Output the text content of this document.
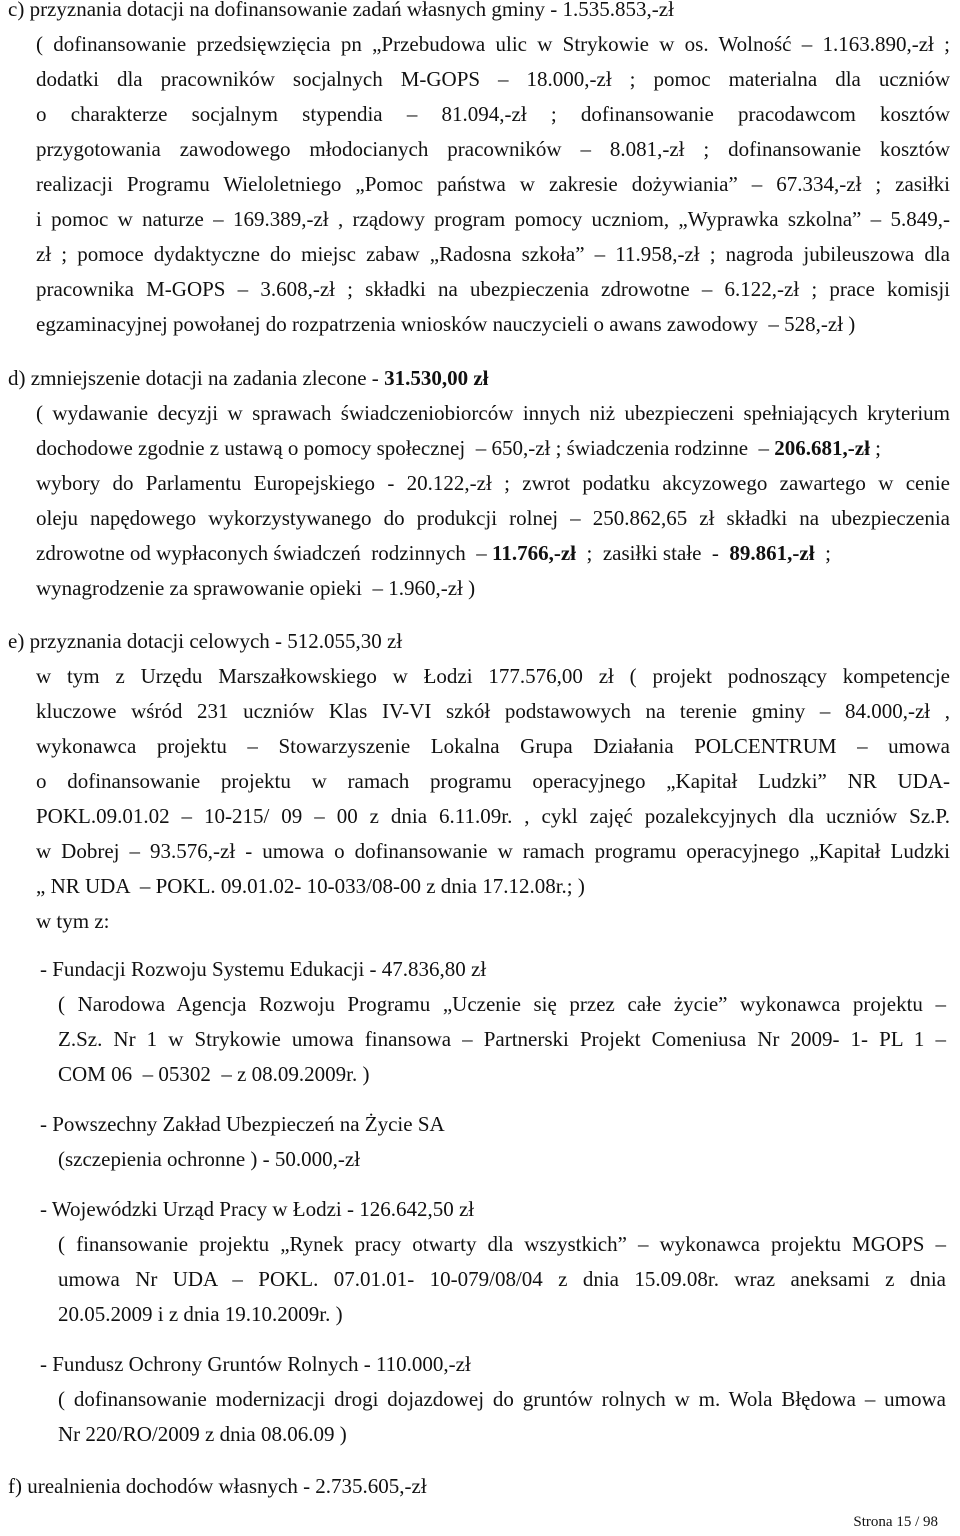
c) przyznania dotacji na dofinansowanie zadań własnych gminy - 1.535.853,-zł
( dofinansowanie przedsięwzięcia pn „Przebudowa ulic w Strykowie w os. Wolność – 1.163.890,-zł ;
dodatki dla pracowników socjalnych M-GOPS – 18.000,-zł ; pomoc materialna dla uczniów
o charakterze socjalnym stypendia – 81.094,-zł ; dofinansowanie pracodawcom kosztów
przygotowania zawodowego młodocianych pracowników – 8.081,-zł ; dofinansowanie kosztów
realizacji Programu Wieloletniego „Pomoc państwa w zakresie dożywiania” – 67.334,-zł ; zasiłki
i pomoc w naturze – 169.389,-zł , rządowy program pomocy uczniom, „Wyprawka szkolna” – 5.849,-
zł ; pomoce dydaktyczne do miejsc zabaw „Radosna szkoła” – 11.958,-zł ; nagroda jubileuszowa dla
pracownika M-GOPS – 3.608,-zł ; składki na ubezpieczenia zdrowotne – 6.122,-zł ; prace komisji
egzaminacyjnej powołanej do rozpatrzenia wniosków nauczycieli o awans zawodowy  – 528,-zł )
d) zmniejszenie dotacji na zadania zlecone - 31.530,00 zł
( wydawanie decyzji w sprawach świadczeniobiorców innych niż ubezpieczeni spełniających kryterium
dochodowe zgodnie z ustawą o pomocy społecznej  – 650,-zł ; świadczenia rodzinne  – 206.681,-zł ;
wybory do Parlamentu Europejskiego - 20.122,-zł ; zwrot podatku akcyzowego zawartego w cenie
oleju napędowego wykorzystywanego do produkcji rolnej – 250.862,65 zł składki na ubezpieczenia
zdrowotne od wypłaconych świadczeń  rodzinnych  – 11.766,-zł  ;  zasiłki stałe  -  89.861,-zł  ;
wynagrodzenie za sprawowanie opieki  – 1.960,-zł )
e) przyznania dotacji celowych - 512.055,30 zł
w tym z Urzędu Marszałkowskiego w Łodzi 177.576,00 zł ( projekt podnoszący kompetencje
kluczowe wśród 231 uczniów Klas IV-VI szkół podstawowych na terenie gminy – 84.000,-zł ,
wykonawca projektu – Stowarzyszenie Lokalna Grupa Działania POLCENTRUM – umowa
o dofinansowanie projektu w ramach programu operacyjnego „Kapitał Ludzki” NR UDA-
POKL.09.01.02 – 10-215/ 09 – 00 z dnia 6.11.09r. , cykl zajęć pozalekcyjnych dla uczniów Sz.P.
w Dobrej – 93.576,-zł - umowa o dofinansowanie w ramach programu operacyjnego „Kapitał Ludzki
„ NR UDA  – POKL. 09.01.02- 10-033/08-00 z dnia 17.12.08r.; )
w tym z:
- Fundacji Rozwoju Systemu Edukacji - 47.836,80 zł
( Narodowa Agencja Rozwoju Programu „Uczenie się przez całe życie” wykonawca projektu –
Z.Sz. Nr 1 w Strykowie umowa finansowa – Partnerski Projekt Comeniusa Nr 2009- 1- PL 1 –
COM 06  – 05302  – z 08.09.2009r. )
- Powszechny Zakład Ubezpieczeń na Życie SA
(szczepienia ochronne ) - 50.000,-zł
- Wojewódzki Urząd Pracy w Łodzi - 126.642,50 zł
( finansowanie projektu „Rynek pracy otwarty dla wszystkich” – wykonawca projektu MGOPS –
umowa Nr UDA – POKL. 07.01.01- 10-079/08/04 z dnia 15.09.08r. wraz aneksami z dnia
20.05.2009 i z dnia 19.10.2009r. )
- Fundusz Ochrony Gruntów Rolnych - 110.000,-zł
( dofinansowanie modernizacji drogi dojazdowej do gruntów rolnych w m. Wola Błędowa – umowa
Nr 220/RO/2009 z dnia 08.06.09 )
f) urealnienia dochodów własnych - 2.735.605,-zł
Strona 15 / 98
